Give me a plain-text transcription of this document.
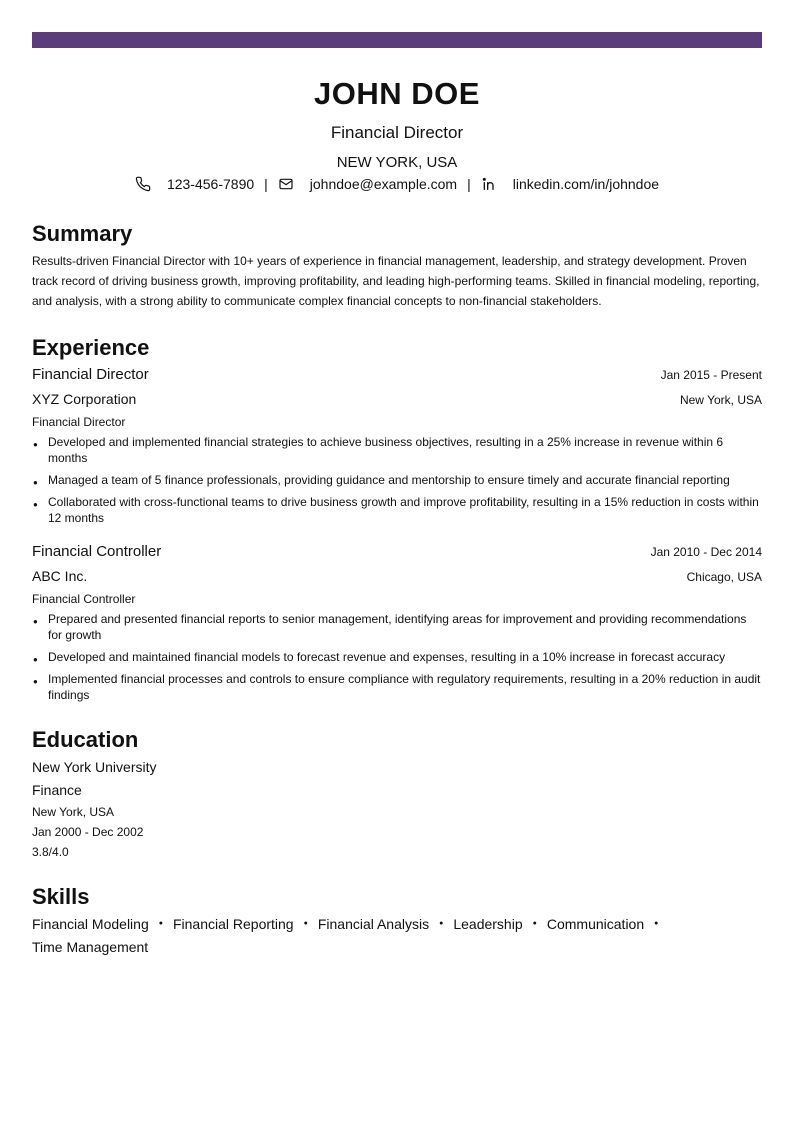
JOHN DOE
Financial Director
NEW YORK, USA
123-456-7890 |	johndoe@example.com |	linkedin.com/in/johndoe
Summary
Results-driven Financial Director with 10+ years of experience in financial management, leadership, and strategy development. Proven track record of driving business growth, improving profitability, and leading high-performing teams. Skilled in financial modeling, reporting, and analysis, with a strong ability to communicate complex financial concepts to non-financial stakeholders.
Experience
Financial Director	Jan 2015 - Present
XYZ Corporation	New York, USA
Financial Director
● Developed and implemented financial strategies to achieve business objectives, resulting in a 25% increase in revenue within 6 months
● Managed a team of 5 finance professionals, providing guidance and mentorship to ensure timely and accurate financial reporting
● Collaborated with cross-functional teams to drive business growth and improve profitability, resulting in a 15% reduction in costs within 12 months
Financial Controller	Jan 2010 - Dec 2014
ABC Inc.	Chicago, USA
Financial Controller
● Prepared and presented financial reports to senior management, identifying areas for improvement and providing recommendations for growth
● Developed and maintained financial models to forecast revenue and expenses, resulting in a 10% increase in forecast accuracy
● Implemented financial processes and controls to ensure compliance with regulatory requirements, resulting in a 20% reduction in audit findings
Education
New York University
Finance
New York, USA
Jan 2000 - Dec 2002
3.8/4.0
Skills
Financial Modeling ● Financial Reporting ● Financial Analysis ● Leadership ● Communication ●
Time Management
